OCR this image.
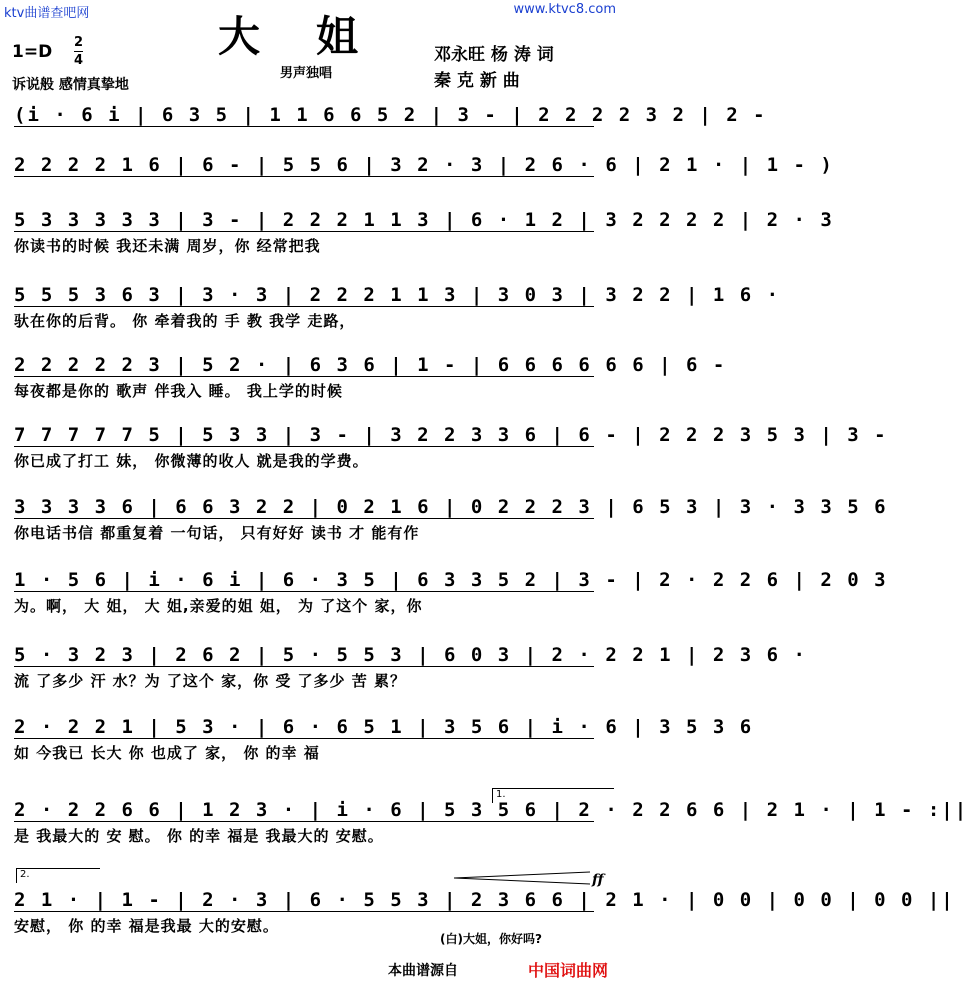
ktv曲谱查吧网	www.ktvc8.com
大姐
1=D 2
4
男声独唱
邓永旺 杨 涛 词
秦 克 新 曲
诉说般 感情真挚地
(i · 6 i | 6 3 5 | 1 1 6 6 5 2 | 3 - | 2 2 2 2 3 2 | 2 -
2 2 2 2 1 6 | 6 - | 5 5 6 | 3 2 · 3 | 2 6 · 6 | 2 1 · | 1 - )
5 3 3 3 3 3 | 3 - | 2 2 2 1 1 3 | 6 · 1 2 | 3 2 2 2 2 | 2 · 3
你读书的时候 我还未满 周岁，你 经常把我
5 5 5 3 6 3 | 3 · 3 | 2 2 2 1 1 3 | 3 0 3 | 3 2 2 | 1 6 ·
驮在你的后背。 你 牵着我的 手 教 我学 走路，
2 2 2 2 2 3 | 5 2 · | 6 3 6 | 1 - | 6 6 6 6 6 6 | 6 -
每夜都是你的 歌声 伴我入 睡。 我上学的时候
7 7 7 7 7 5 | 5 3 3 | 3 - | 3 2 2 3 3 6 | 6 - | 2 2 2 3 5 3 | 3 -
你已成了打工 妹， 你微薄的收人 就是我的学费。
3 3 3 3 6 | 6 6 3 2 2 | 0 2 1 6 | 0 2 2 2 3 | 6 5 3 | 3 · 3 3 5 6
你电话书信 都重复着 一句话， 只有好好 读书 才 能有作
1 · 5 6 | i · 6 i | 6 · 3 5 | 6 3 3 5 2 | 3 - | 2 · 2 2 6 | 2 0 3
为。啊， 大 姐， 大 姐,亲爱的姐 姐， 为 了这个 家，你
5 · 3 2 3 | 2 6 2 | 5 · 5 5 3 | 6 0 3 | 2 · 2 2 1 | 2 3 6 ·
流 了多少 汗 水？为 了这个 家，你 受 了多少 苦 累？
2 · 2 2 1 | 5 3 · | 6 · 6 5 1 | 3 5 6 | i · 6 | 3 5 3 6
如 今我已 长大 你 也成了 家， 你 的幸 福
2 · 2 2 6 6 | 1 2 3 · | i · 6 | 5 3 5 6 | 2 · 2 2 6 6 | 2 1 · | 1 - :||
是 我最大的 安 慰。 你 的幸 福是 我最大的 安慰。
2 1 · | 1 - | 2 · 3 | 6 · 5 5 3 | 2 3 6 6 | 2 1 · | 0 0 | 0 0 | 0 0 ||
安慰， 你 的幸 福是我最 大的安慰。
1.
2.	ff
(白)大姐，你好吗?
本曲谱源自	中国词曲网
